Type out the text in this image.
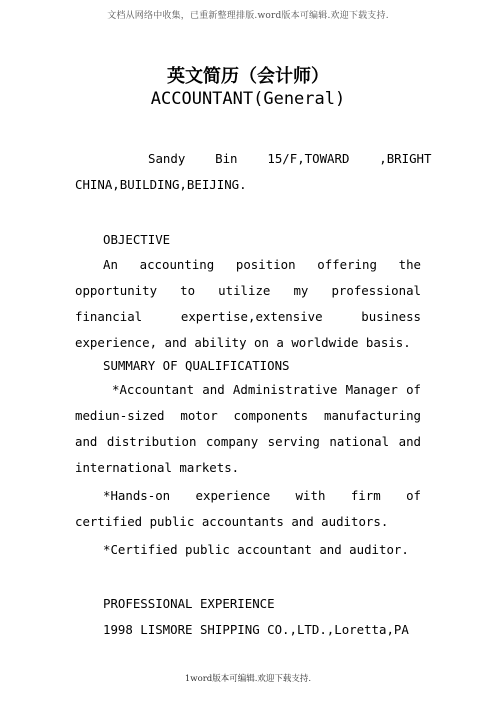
文档从网络中收集，已重新整理排版.word版本可编辑.欢迎下载支持.
英文简历（会计师）
ACCOUNTANT(General)
Sandy    Bin    15/F,TOWARD    ,BRIGHT
CHINA,BUILDING,BEIJING.
OBJECTIVE
An accounting position offering the opportunity to utilize my professional financial expertise,extensive business experience, and ability on a worldwide basis.
SUMMARY OF QUALIFICATIONS
*Accountant and Administrative Manager of mediun-sized motor components manufacturing and distribution company serving national and international markets.
*Hands-on experience with firm of certified public accountants and auditors.
*Certified public accountant and auditor.
PROFESSIONAL EXPERIENCE
1998 LISMORE SHIPPING CO.,LTD.,Loretta,PA
1word版本可编辑.欢迎下载支持.
